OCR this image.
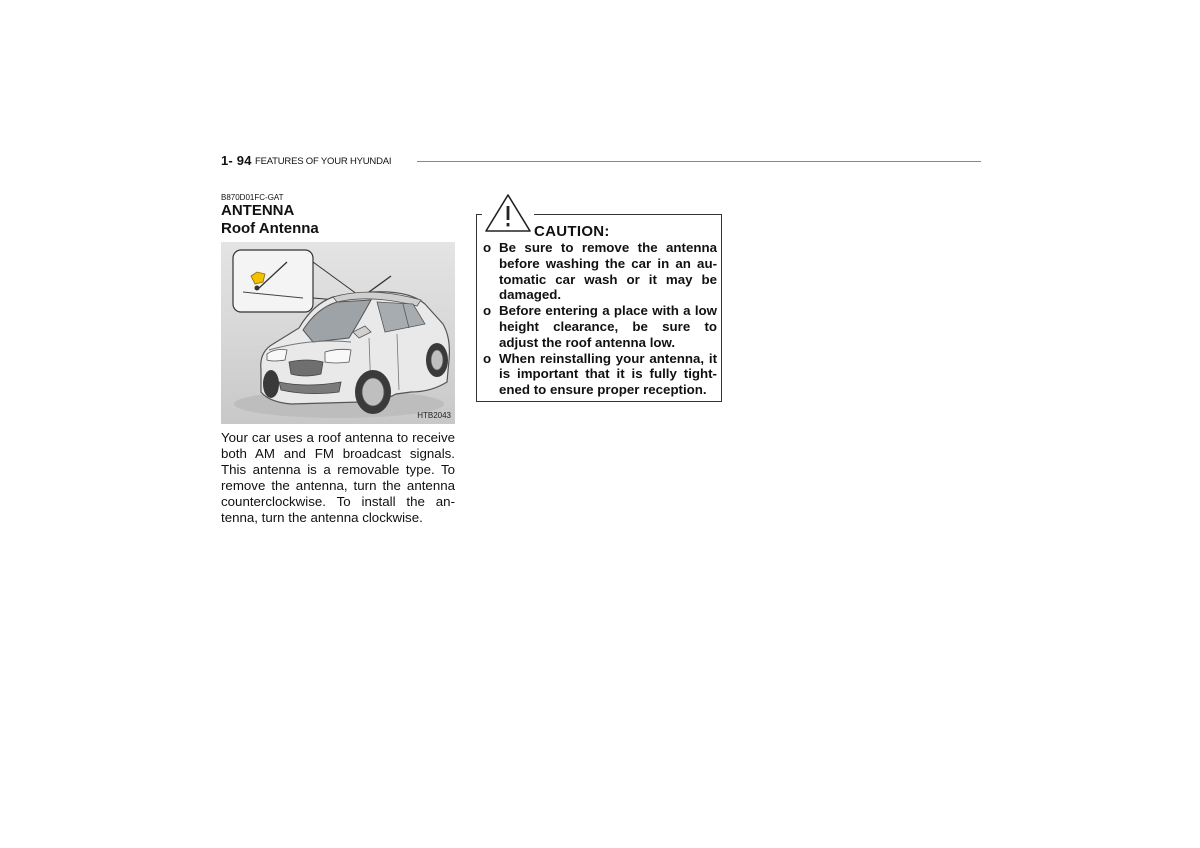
1- 94 FEATURES OF YOUR HYUNDAI
B870D01FC-GAT
ANTENNA
Roof Antenna
HTB2043

Your car uses a roof antenna to receive both AM and FM broadcast signals. This antenna is a removable type. To remove the antenna, turn the antenna counterclockwise. To install the an-tenna, turn the antenna clockwise.

CAUTION:
o Be sure to remove the antenna before washing the car in an au-tomatic car wash or it may be damaged.
o Before entering a place with a low height clearance, be sure to adjust the roof antenna low.
o When reinstalling your antenna, it is important that it is fully tight-ened to ensure proper reception.
